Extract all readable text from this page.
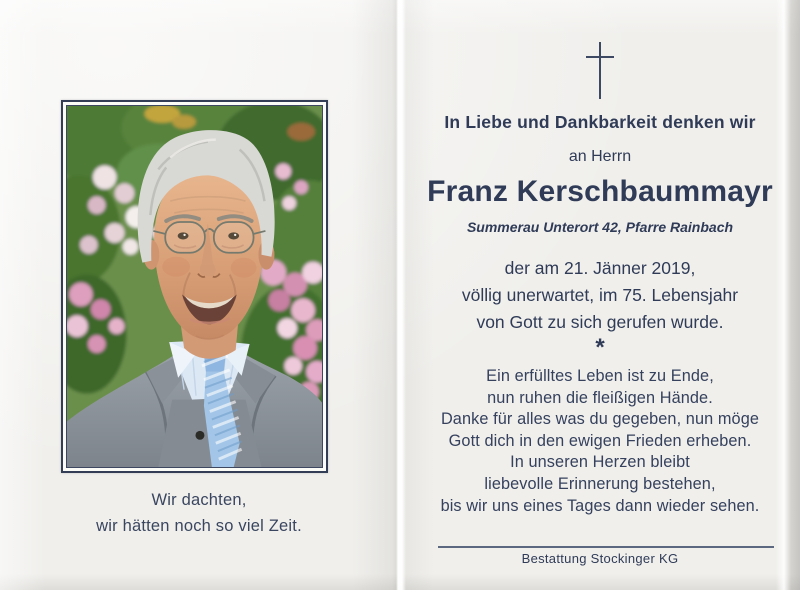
Wir dachten,
wir hätten noch so viel Zeit.

In Liebe und Dankbarkeit denken wir

an Herrn

Franz Kerschbaummayr

Summerau Unterort 42, Pfarre Rainbach

der am 21. Jänner 2019,
völlig unerwartet, im 75. Lebensjahr
von Gott zu sich gerufen wurde.

*

Ein erfülltes Leben ist zu Ende,
nun ruhen die fleißigen Hände.
Danke für alles was du gegeben, nun möge
Gott dich in den ewigen Frieden erheben.
In unseren Herzen bleibt
liebevolle Erinnerung bestehen,
bis wir uns eines Tages dann wieder sehen.

Bestattung Stockinger KG
